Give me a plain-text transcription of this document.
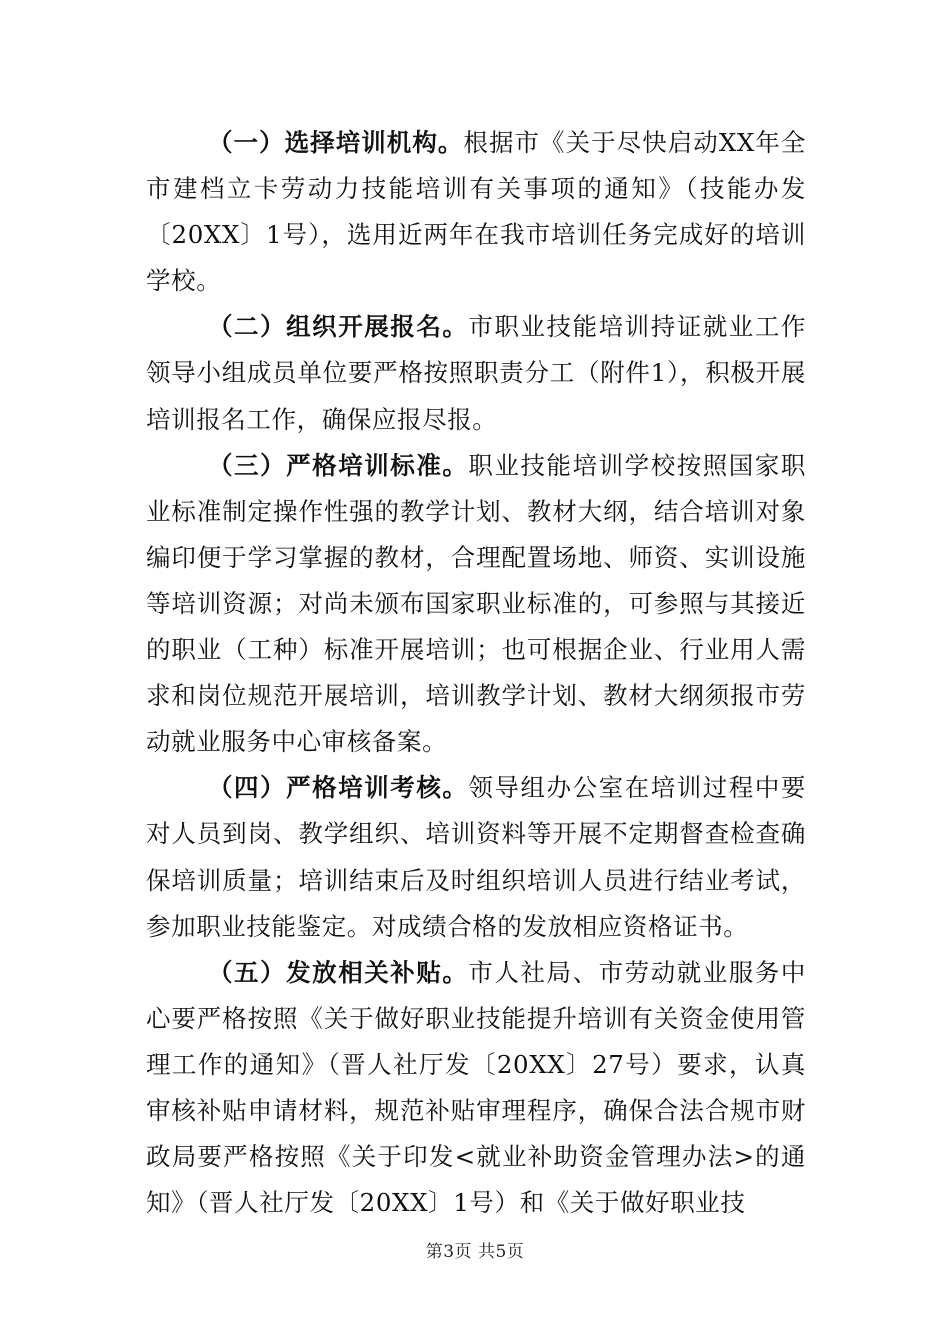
（一）选择培训机构。根据市《关于尽快启动XX年全市建档立卡劳动力技能培训有关事项的通知》（技能办发〔20XX〕1号），选用近两年在我市培训任务完成好的培训学校。

（二）组织开展报名。市职业技能培训持证就业工作领导小组成员单位要严格按照职责分工（附件1），积极开展培训报名工作，确保应报尽报。

（三）严格培训标准。职业技能培训学校按照国家职业标准制定操作性强的教学计划、教材大纲，结合培训对象编印便于学习掌握的教材，合理配置场地、师资、实训设施等培训资源；对尚未颁布国家职业标准的，可参照与其接近的职业（工种）标准开展培训；也可根据企业、行业用人需求和岗位规范开展培训，培训教学计划、教材大纲须报市劳动就业服务中心审核备案。

（四）严格培训考核。领导组办公室在培训过程中要对人员到岗、教学组织、培训资料等开展不定期督查检查确保培训质量；培训结束后及时组织培训人员进行结业考试，参加职业技能鉴定。对成绩合格的发放相应资格证书。

（五）发放相关补贴。市人社局、市劳动就业服务中心要严格按照《关于做好职业技能提升培训有关资金使用管理工作的通知》（晋人社厅发〔20XX〕27号）要求，认真审核补贴申请材料，规范补贴审理程序，确保合法合规市财政局要严格按照《关于印发<就业补助资金管理办法>的通知》（晋人社厅发〔20XX〕1号）和《关于做好职业技

第3页 共5页
